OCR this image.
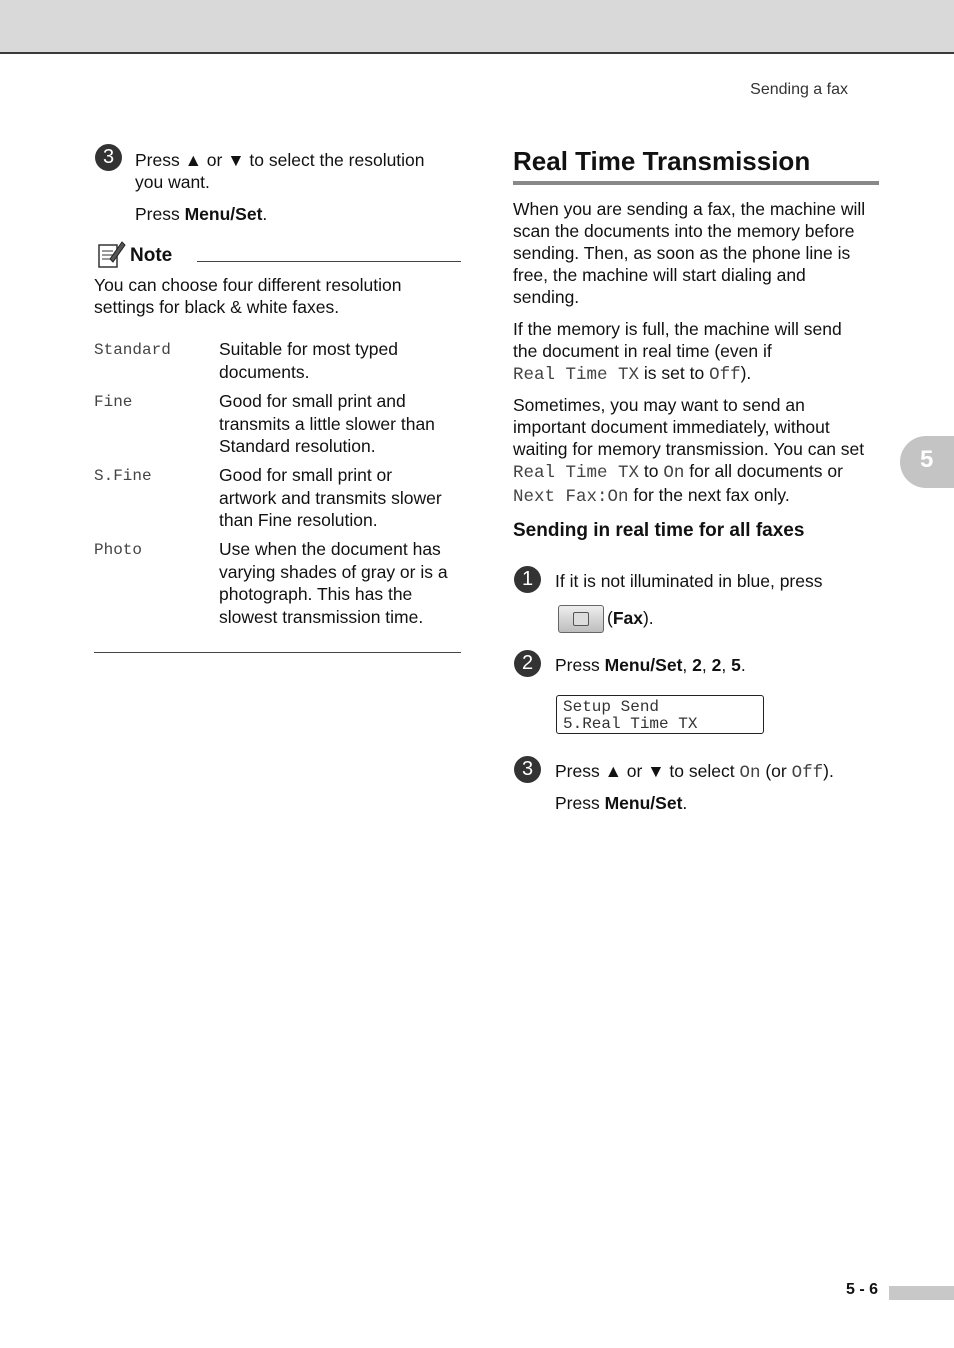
Sending a fax
3	Press ▲ or ▼ to select the resolution
you want.
Press Menu/Set.
Note
You can choose four different resolution
settings for black & white faxes.
Standard	Suitable for most typed
documents.
Fine	Good for small print and
transmits a little slower than
Standard resolution.
S.Fine	Good for small print or
artwork and transmits slower
than Fine resolution.
Photo	Use when the document has
varying shades of gray or is a
photograph. This has the
slowest transmission time.
Real Time Transmission
When you are sending a fax, the machine will
scan the documents into the memory before
sending. Then, as soon as the phone line is
free, the machine will start dialing and
sending.
If the memory is full, the machine will send
the document in real time (even if
Real Time TX is set to Off).
Sometimes, you may want to send an
important document immediately, without
waiting for memory transmission. You can set
Real Time TX to On for all documents or
Next Fax:On for the next fax only.
Sending in real time for all faxes
1	If it is not illuminated in blue, press
(Fax).
2	Press Menu/Set, 2, 2, 5.
Setup Send
5.Real Time TX
3	Press ▲ or ▼ to select On (or Off).
Press Menu/Set.
5
5 - 6
